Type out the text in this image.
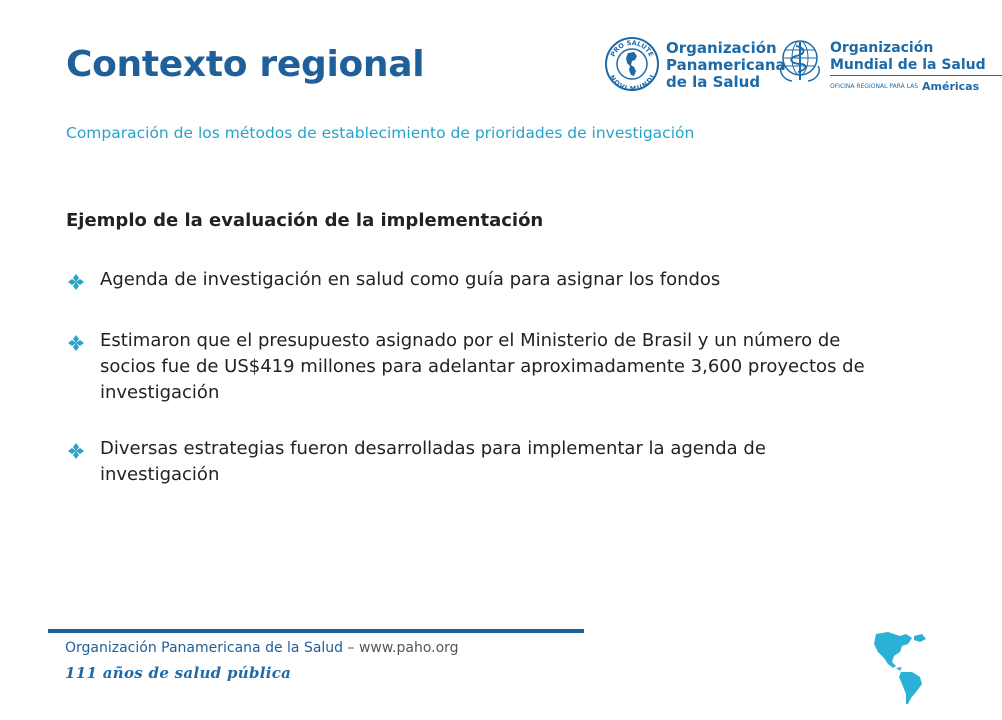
Contexto regional
Comparación de los métodos de establecimiento de prioridades de investigación
PRO SALUTE
NOVI MUNDI
Organización
Panamericana
de la Salud
Organización
Mundial de la Salud
OFICINA REGIONAL PARA LAS Américas
Ejemplo de la evaluación de la implementación
Agenda de investigación en salud como guía para asignar los fondos
Estimaron que el presupuesto asignado por el Ministerio de Brasil y un número de socios fue de US$419 millones para adelantar aproximadamente 3,600 proyectos de investigación
Diversas estrategias fueron desarrolladas para implementar la agenda de investigación
Organización Panamericana de la Salud – www.paho.org
111 años de salud pública
